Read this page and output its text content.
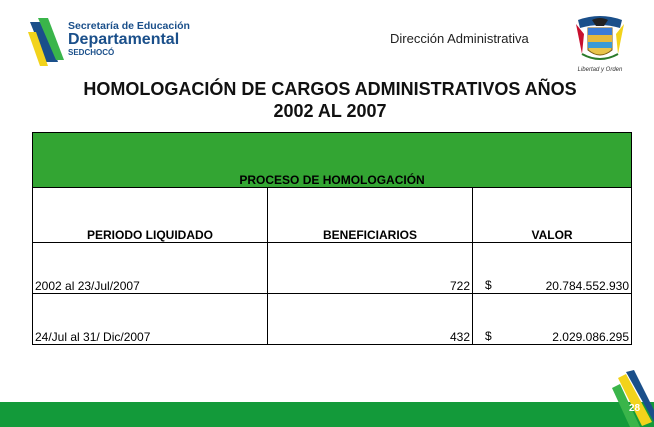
Secretaría de Educación
Departamental
SEDCHOCÓ
Dirección Administrativa
Libertad y Orden
HOMOLOGACIÓN DE CARGOS ADMINISTRATIVOS AÑOS
2002 AL 2007
PROCESO DE HOMOLOGACIÓN		
PERIODO LIQUIDADO	BENEFICIARIOS	VALOR
2002 al 23/Jul/2007	722	$ 20.784.552.930

24/Jul al 31/ Dic/2007	432	$ 2.029.086.295
28
